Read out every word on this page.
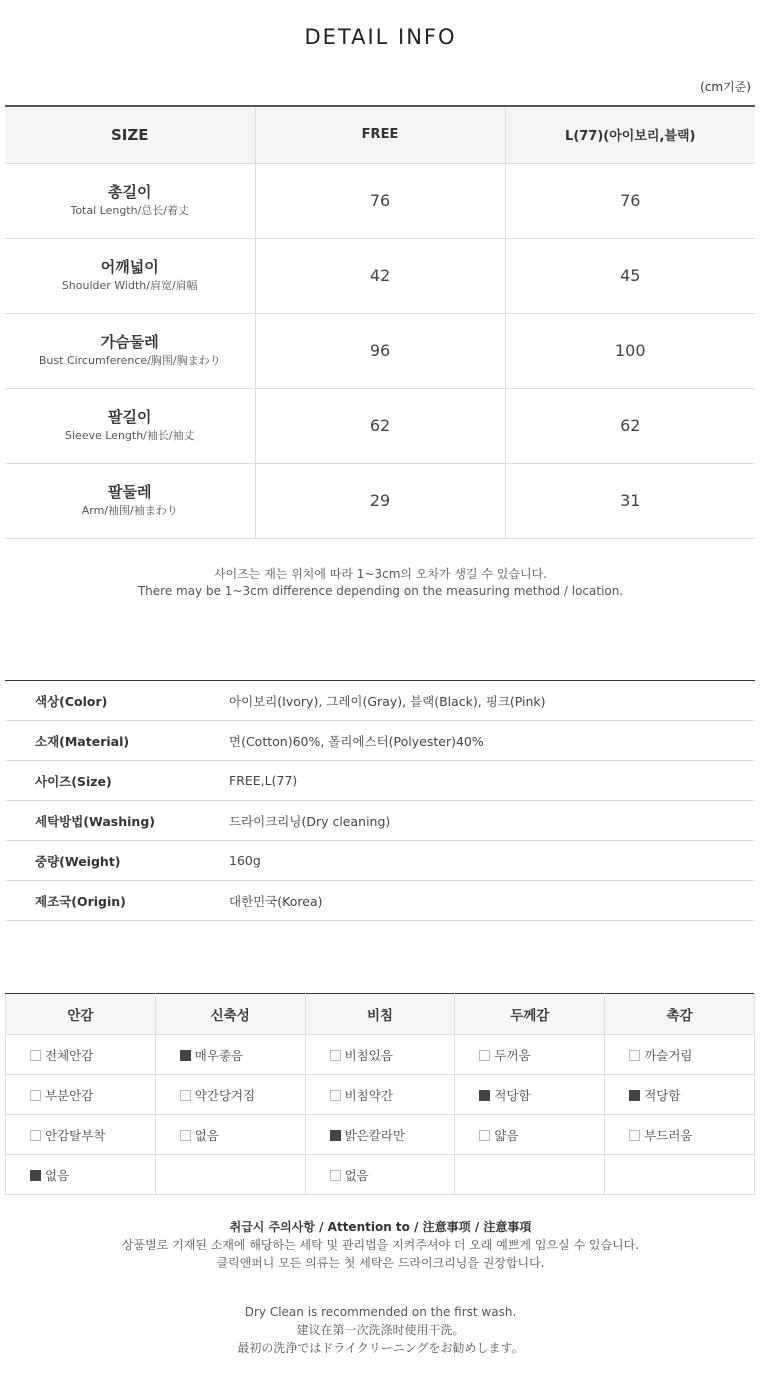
DETAIL INFO
(cm기준)
SIZE	FREE	L(77)(아이보리,블랙)

총길이
Total Length/总长/着丈	76	76

어깨넓이
Shoulder Width/肩宽/肩幅	42	45

가슴둘레
Bust Circumference/胸围/胸まわり	96	100

팔길이
Sleeve Length/袖长/袖丈	62	62

팔둘레
Arm/袖围/袖まわり	29	31
사이즈는 재는 위치에 따라 1~3cm의 오차가 생길 수 있습니다.
There may be 1~3cm difference depending on the measuring method / location.
색상(Color)	아이보리(Ivory), 그레이(Gray), 블랙(Black), 핑크(Pink)
소재(Material)	면(Cotton)60%, 폴리에스터(Polyester)40%
사이즈(Size)	FREE,L(77)
세탁방법(Washing)	드라이크리닝(Dry cleaning)
중량(Weight)	160g
제조국(Origin)	대한민국(Korea)
안감	신축성	비침	두께감	촉감
전체안감	매우좋음	비침있음	두꺼움	까슬거림
부분안감	약간당겨짐	비침약간	적당함	적당함
안감탈부착	없음	밝은칼라만	얇음	부드러움
없음		없음		
취급시 주의사항 / Attention to / 注意事项 / 注意事項
상품별로 기재된 소재에 해당하는 세탁 및 관리법을 지켜주셔야 더 오래 예쁘게 입으실 수 있습니다.
클릭앤퍼니 모든 의류는 첫 세탁은 드라이크리닝을 권장합니다.
Dry Clean is recommended on the first wash.
建议在第一次洗涤时使用干洗。
最初の洗浄ではドライクリーニングをお勧めします。
